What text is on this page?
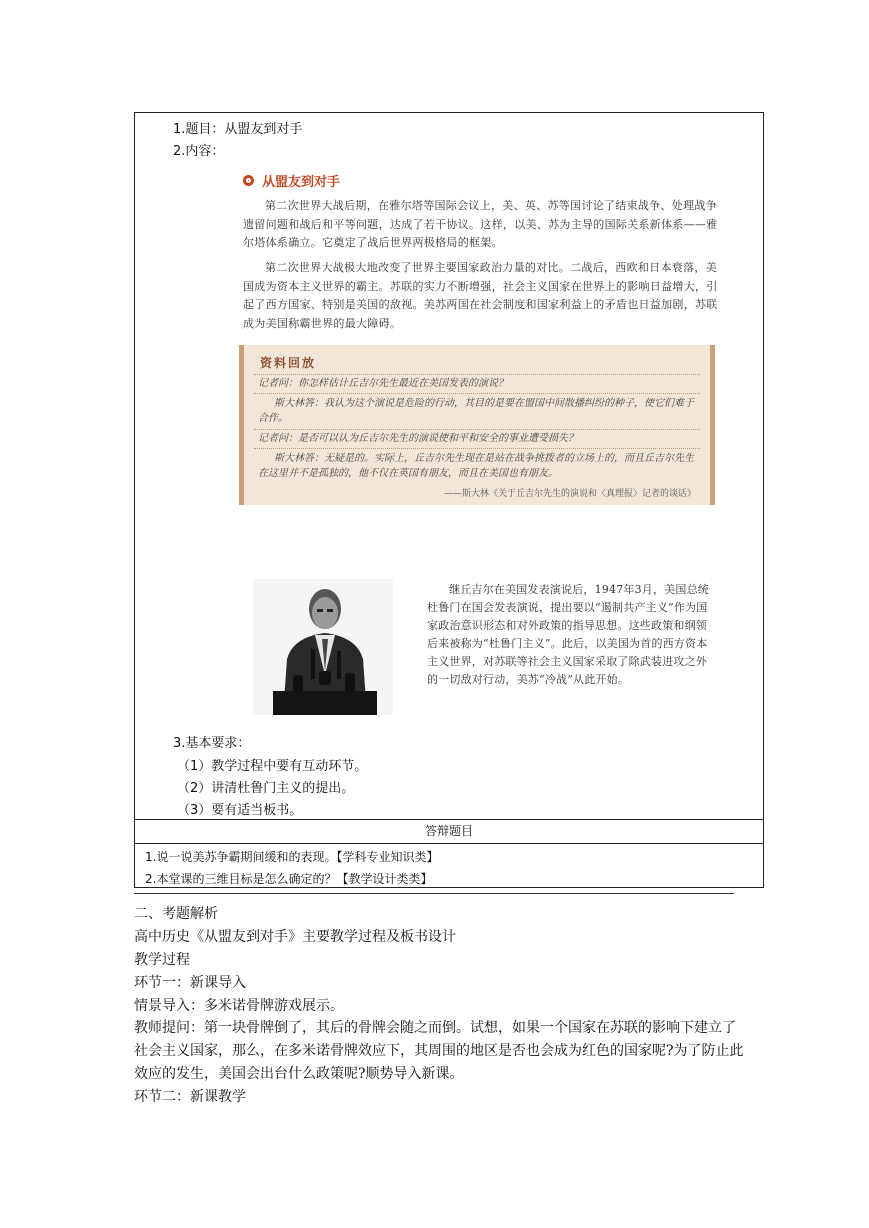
1.题目：从盟友到对手
2.内容：
从盟友到对手
第二次世界大战后期，在雅尔塔等国际会议上，美、英、苏等国讨论了结束战争、处理战争遗留问题和战后和平等问题，达成了若干协议。这样，以美、苏为主导的国际关系新体系——雅尔塔体系确立。它奠定了战后世界两极格局的框架。
第二次世界大战极大地改变了世界主要国家政治力量的对比。二战后，西欧和日本衰落，美国成为资本主义世界的霸主。苏联的实力不断增强，社会主义国家在世界上的影响日益增大，引起了西方国家、特别是美国的敌视。美苏两国在社会制度和国家利益上的矛盾也日益加剧，苏联成为美国称霸世界的最大障碍。
资料回放
记者问：你怎样估计丘吉尔先生最近在美国发表的演说？
斯大林答：我认为这个演说是危险的行动，其目的是要在盟国中间散播纠纷的种子，使它们难于合作。
记者问：是否可以认为丘吉尔先生的演说使和平和安全的事业遭受损失？
斯大林答：无疑是的。实际上，丘吉尔先生现在是站在战争挑拨者的立场上的，而且丘吉尔先生在这里并不是孤独的，他不仅在英国有朋友，而且在美国也有朋友。
——斯大林《关于丘吉尔先生的演说和〈真理报〉记者的谈话》
继丘吉尔在美国发表演说后，1947年3月，美国总统杜鲁门在国会发表演说，提出要以“遏制共产主义”作为国家政治意识形态和对外政策的指导思想。这些政策和纲领后来被称为“杜鲁门主义”。此后，以美国为首的西方资本主义世界，对苏联等社会主义国家采取了除武装进攻之外的一切敌对行动，美苏“冷战”从此开始。
3.基本要求：
（1）教学过程中要有互动环节。
（2）讲清杜鲁门主义的提出。
（3）要有适当板书。
答辩题目
1.说一说美苏争霸期间缓和的表现。【学科专业知识类】
2.本堂课的三维目标是怎么确定的？【教学设计类类】
二、考题解析
高中历史《从盟友到对手》主要教学过程及板书设计
教学过程
环节一：新课导入
情景导入：多米诺骨牌游戏展示。
教师提问：第一块骨牌倒了，其后的骨牌会随之而倒。试想，如果一个国家在苏联的影响下建立了社会主义国家，那么，在多米诺骨牌效应下，其周围的地区是否也会成为红色的国家呢?为了防止此效应的发生，美国会出台什么政策呢?顺势导入新课。
环节二：新课教学
